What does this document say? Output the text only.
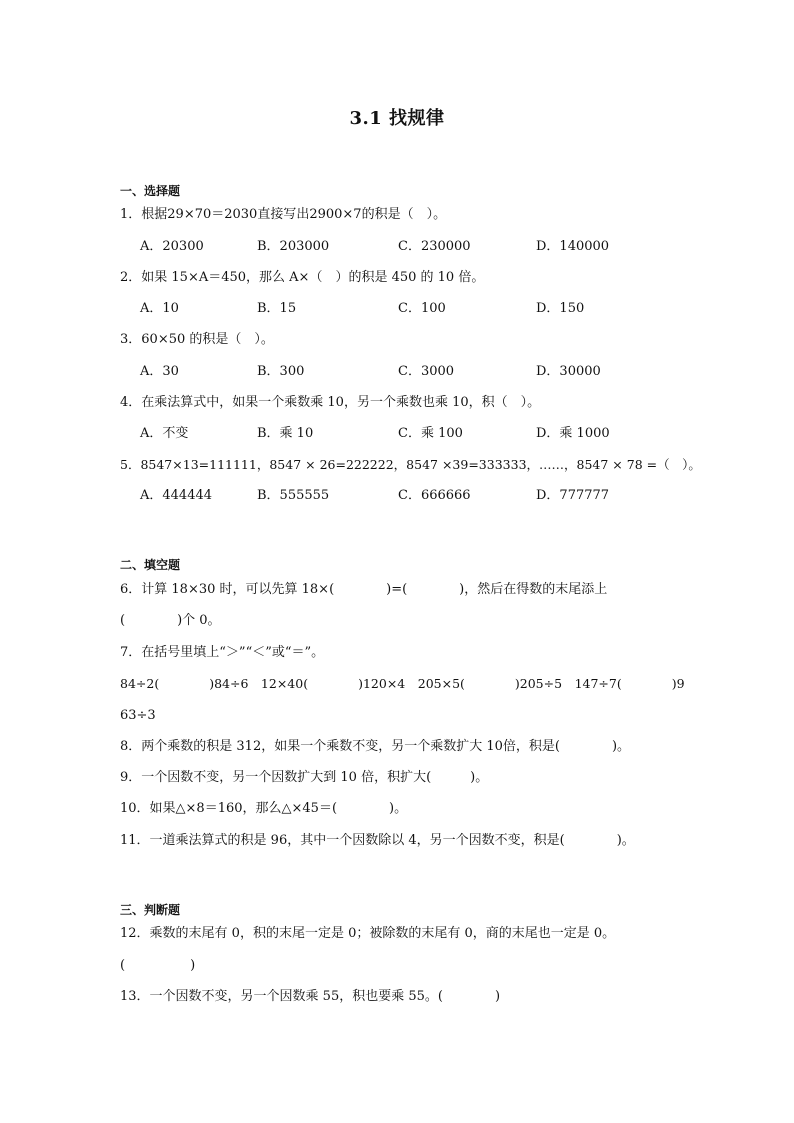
3.1 找规律
一、选择题
1．根据29×70＝2030直接写出2900×7的积是（　）。
A．20300	B．203000	C．230000	D．140000
2．如果 15×A＝450，那么 A×（　）的积是 450 的 10 倍。
A．10	B．15	C．100	D．150
3．60×50 的积是（　）。
A．30	B．300	C．3000	D．30000
4．在乘法算式中，如果一个乘数乘 10，另一个乘数也乘 10，积（　）。
A．不变	B．乘 10	C．乘 100	D．乘 1000
5．8547×13=111111，8547 × 26=222222，8547 ×39=333333，……，8547 × 78 =（　）。
A．444444	B．555555	C．666666	D．777777
二、填空题
6．计算 18×30 时，可以先算 18×(　　　　)=(　　　　)，然后在得数的末尾添上
(　　　　)个 0。
7．在括号里填上“＞”“＜”或“＝”。
84÷2(　　　　)84÷6　12×40(　　　　)120×4　205×5(　　　　)205÷5　147÷7(　　　　)9
63÷3
8．两个乘数的积是 312，如果一个乘数不变，另一个乘数扩大 10倍，积是(　　　　)。
9．一个因数不变，另一个因数扩大到 10 倍，积扩大(　　　)。
10．如果△×8＝160，那么△×45＝(　　　　)。
11．一道乘法算式的积是 96，其中一个因数除以 4，另一个因数不变，积是(　　　　)。
三、判断题
12．乘数的末尾有 0，积的末尾一定是 0；被除数的末尾有 0，商的末尾也一定是 0。
(　　　　　)
13．一个因数不变，另一个因数乘 55，积也要乘 55。(　　　　)
